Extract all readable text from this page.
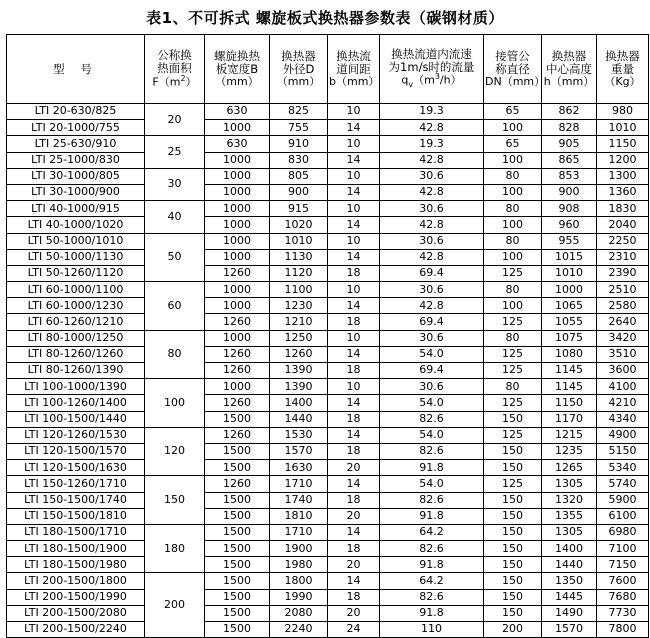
表1、不可拆式 螺旋板式换热器参数表（碳钢材质）
型 号	
公称换
热面积
$F(m^2)$

螺旋换热
板宽度B
（mm）

换热器
外径D
（mm）

换热流
道间距
b（mm）

换热流道内流速
为1m/s时的流量
$q_v(m^3/h)$

接管公
称直径
DN（mm）

换热器
中心高度
h（mm）

换热器
重量
（Kg）

LTI 20-630/825	20	630	825	10	19.3	65	862	980
LTI 20-1000/755		1000	755	14	42.8	100	828	1010
LTI 25-630/910	25	630	910	10	19.3	65	905	1150
LTI 25-1000/830		1000	830	14	42.8	100	865	1200
LTI 30-1000/805	30	1000	805	10	30.6	80	853	1300
LTI 30-1000/900		1000	900	14	42.8	100	900	1360
LTI 40-1000/915	40	1000	915	10	30.6	80	908	1830
LTI 40-1000/1020		1000	1020	14	42.8	100	960	2040
LTI 50-1000/1010	50	1000	1010	10	30.6	80	955	2250
LTI 50-1000/1130		1000	1130	14	42.8	100	1015	2310
LTI 50-1260/1120		1260	1120	18	69.4	125	1010	2390
LTI 60-1000/1100	60	1000	1100	10	30.6	80	1000	2510
LTI 60-1000/1230		1000	1230	14	42.8	100	1065	2580
LTI 60-1260/1210		1260	1210	18	69.4	125	1055	2640
LTI 80-1000/1250	80	1000	1250	10	30.6	80	1075	3420
LTI 80-1260/1260		1260	1260	14	54.0	125	1080	3510
LTI 80-1260/1390		1260	1390	18	69.4	125	1145	3600
LTI 100-1000/1390	100	1000	1390	10	30.6	80	1145	4100
LTI 100-1260/1400		1260	1400	14	54.0	125	1150	4210
LTI 100-1500/1440		1500	1440	18	82.6	150	1170	4340
LTI 120-1260/1530	120	1260	1530	14	54.0	125	1215	4900
LTI 120-1500/1570		1500	1570	18	82.6	150	1235	5150
LTI 120-1500/1630		1500	1630	20	91.8	150	1265	5340
LTI 150-1260/1710	150	1260	1710	14	54.0	125	1305	5740
LTI 150-1500/1740		1500	1740	18	82.6	150	1320	5900
LTI 150-1500/1810		1500	1810	20	91.8	150	1355	6100
LTI 180-1500/1710	180	1500	1710	14	64.2	150	1305	6980
LTI 180-1500/1900		1500	1900	18	82.6	150	1400	7100
LTI 180-1500/1980		1500	1980	20	91.8	150	1440	7150
LTI 200-1500/1800	200	1500	1800	14	64.2	150	1350	7600
LTI 200-1500/1990		1500	1990	18	82.6	150	1445	7680
LTI 200-1500/2080		1500	2080	20	91.8	150	1490	7730
LTI 200-1500/2240		1500	2240	24	110	200	1570	7800
